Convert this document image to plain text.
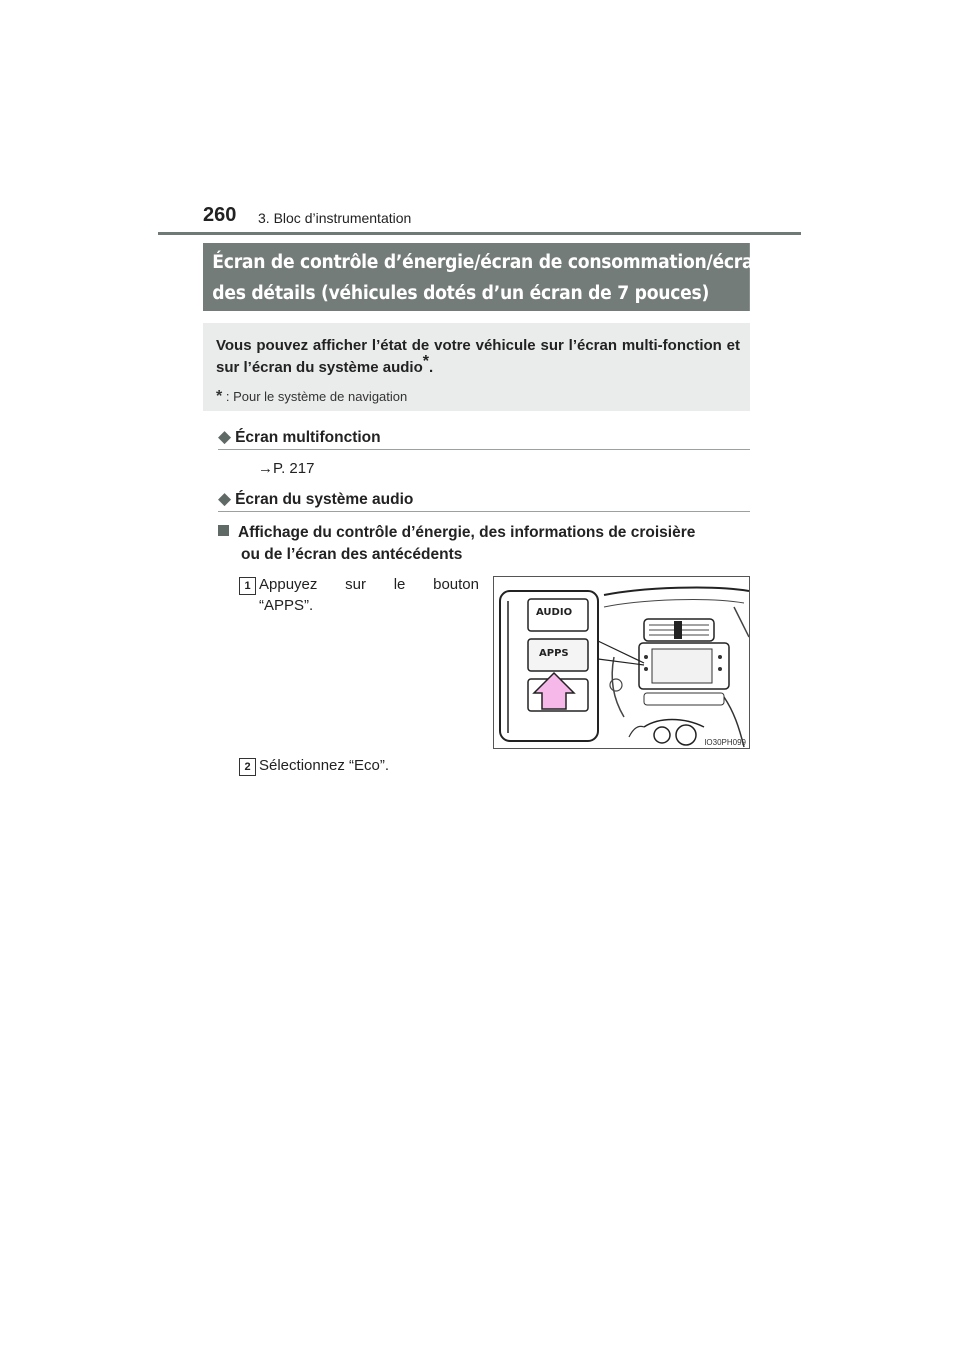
260 3. Bloc d’instrumentation
Écran de contrôle d’énergie/écran de consommation/écran
des détails (véhicules dotés d’un écran de 7 pouces)
Vous pouvez afficher l’état de votre véhicule sur l’écran multi-fonction et sur l’écran du système audio*.
* : Pour le système de navigation
◆ Écran multifonction
→P. 217
◆ Écran du système audio
Affichage du contrôle d’énergie, des informations de croisière
ou de l’écran des antécédents
1 Appuyez sur le bouton
“APPS”.	AUDIO
APPS
IO30PH099
2 Sélectionnez “Eco”.
